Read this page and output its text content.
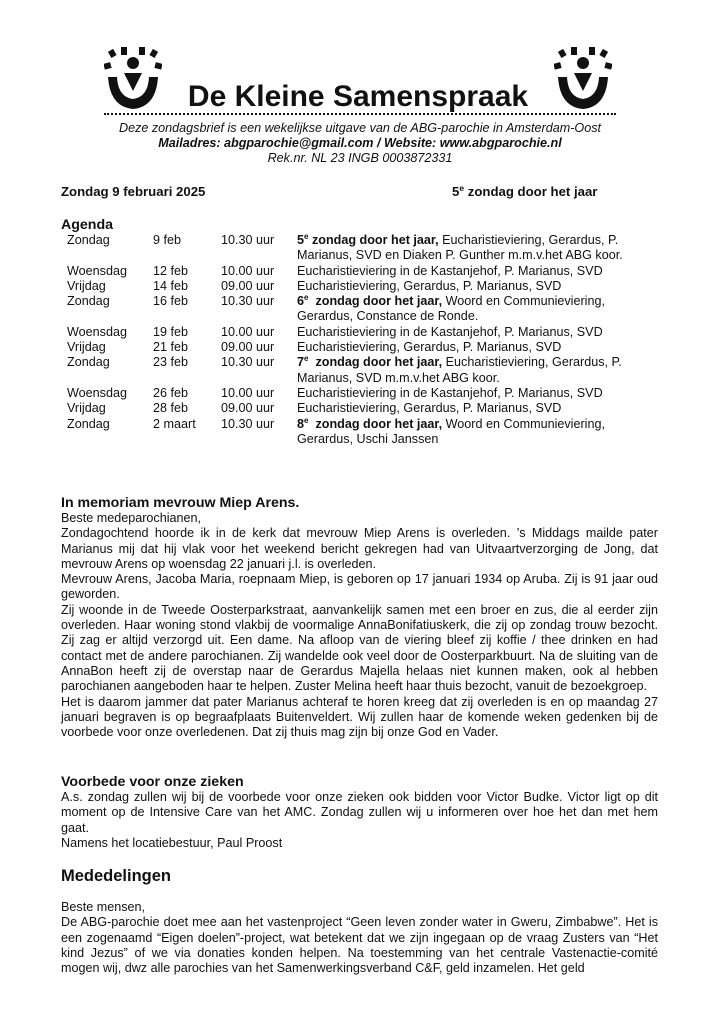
De Kleine Samenspraak
Deze zondagsbrief is een wekelijkse uitgave van de ABG-parochie in Amsterdam-Oost
Mailadres: abgparochie@gmail.com / Website: www.abgparochie.nl
Rek.nr. NL 23 INGB 0003872331
Zondag 9 februari 2025	5e zondag door het jaar
Agenda
Zondag	9 feb	10.30 uur 5e zondag door het jaar, Eucharistieviering, Gerardus, P. Marianus, SVD en Diaken P. Gunther m.m.v.het ABG koor.
Woensdag 12 feb	10.00 uur Eucharistieviering in de Kastanjehof, P. Marianus, SVD
Vrijdag	14 feb	09.00 uur Eucharistieviering, Gerardus, P. Marianus, SVD
Zondag	16 feb	10.30 uur 6e  zondag door het jaar, Woord en Communieviering, Gerardus, Constance de Ronde.
Woensdag 19 feb	10.00 uur Eucharistieviering in de Kastanjehof, P. Marianus, SVD
Vrijdag	21 feb	09.00 uur Eucharistieviering, Gerardus, P. Marianus, SVD
Zondag	23 feb	10.30 uur 7e  zondag door het jaar, Eucharistieviering, Gerardus, P. Marianus, SVD m.m.v.het ABG koor.
Woensdag 26 feb	10.00 uur Eucharistieviering in de Kastanjehof, P. Marianus, SVD
Vrijdag	28 feb	09.00 uur Eucharistieviering, Gerardus, P. Marianus, SVD
Zondag	2 maart 10.30 uur 8e  zondag door het jaar, Woord en Communieviering, Gerardus, Uschi Janssen
In memoriam mevrouw Miep Arens.
Beste medeparochianen,
Zondagochtend hoorde ik in de kerk dat mevrouw Miep Arens is overleden. ’s Middags mailde pater Marianus mij dat hij vlak voor het weekend bericht gekregen had van Uitvaartverzorging de Jong, dat mevrouw Arens op woensdag 22 januari j.l. is overleden.
Mevrouw Arens, Jacoba Maria, roepnaam Miep, is geboren op 17 januari 1934 op Aruba. Zij is 91 jaar oud geworden.
Zij woonde in de Tweede Oosterparkstraat, aanvankelijk samen met een broer en zus, die al eerder zijn overleden. Haar woning stond vlakbij de voormalige AnnaBonifatiuskerk, die zij op zondag trouw bezocht. Zij zag er altijd verzorgd uit. Een dame. Na afloop van de viering bleef zij koffie / thee drinken en had contact met de andere parochianen. Zij wandelde ook veel door de Oosterparkbuurt. Na de sluiting van de AnnaBon heeft zij de overstap naar de Gerardus Majella helaas niet kunnen maken, ook al hebben parochianen aangeboden haar te helpen. Zuster Melina heeft haar thuis bezocht, vanuit de bezoekgroep.
Het is daarom jammer dat pater Marianus achteraf te horen kreeg dat zij overleden is en op maandag 27 januari begraven is op begraafplaats Buitenveldert. Wij zullen haar de komende weken gedenken bij de voorbede voor onze overledenen. Dat zij thuis mag zijn bij onze God en Vader.
Voorbede voor onze zieken
A.s. zondag zullen wij bij de voorbede voor onze zieken ook bidden voor Victor Budke. Victor ligt op dit moment op de Intensive Care van het AMC. Zondag zullen wij u informeren over hoe het dan met hem gaat.
Namens het locatiebestuur, Paul Proost
Mededelingen
Beste mensen,
De ABG-parochie doet mee aan het vastenproject “Geen leven zonder water in Gweru, Zimbabwe”. Het is een zogenaamd “Eigen doelen”-project, wat betekent dat we zijn ingegaan op de vraag Zusters van “Het kind Jezus” of we via donaties konden helpen. Na toestemming van het centrale Vastenactie-comité mogen wij, dwz alle parochies van het Samenwerkingsverband C&F, geld inzamelen. Het geld
